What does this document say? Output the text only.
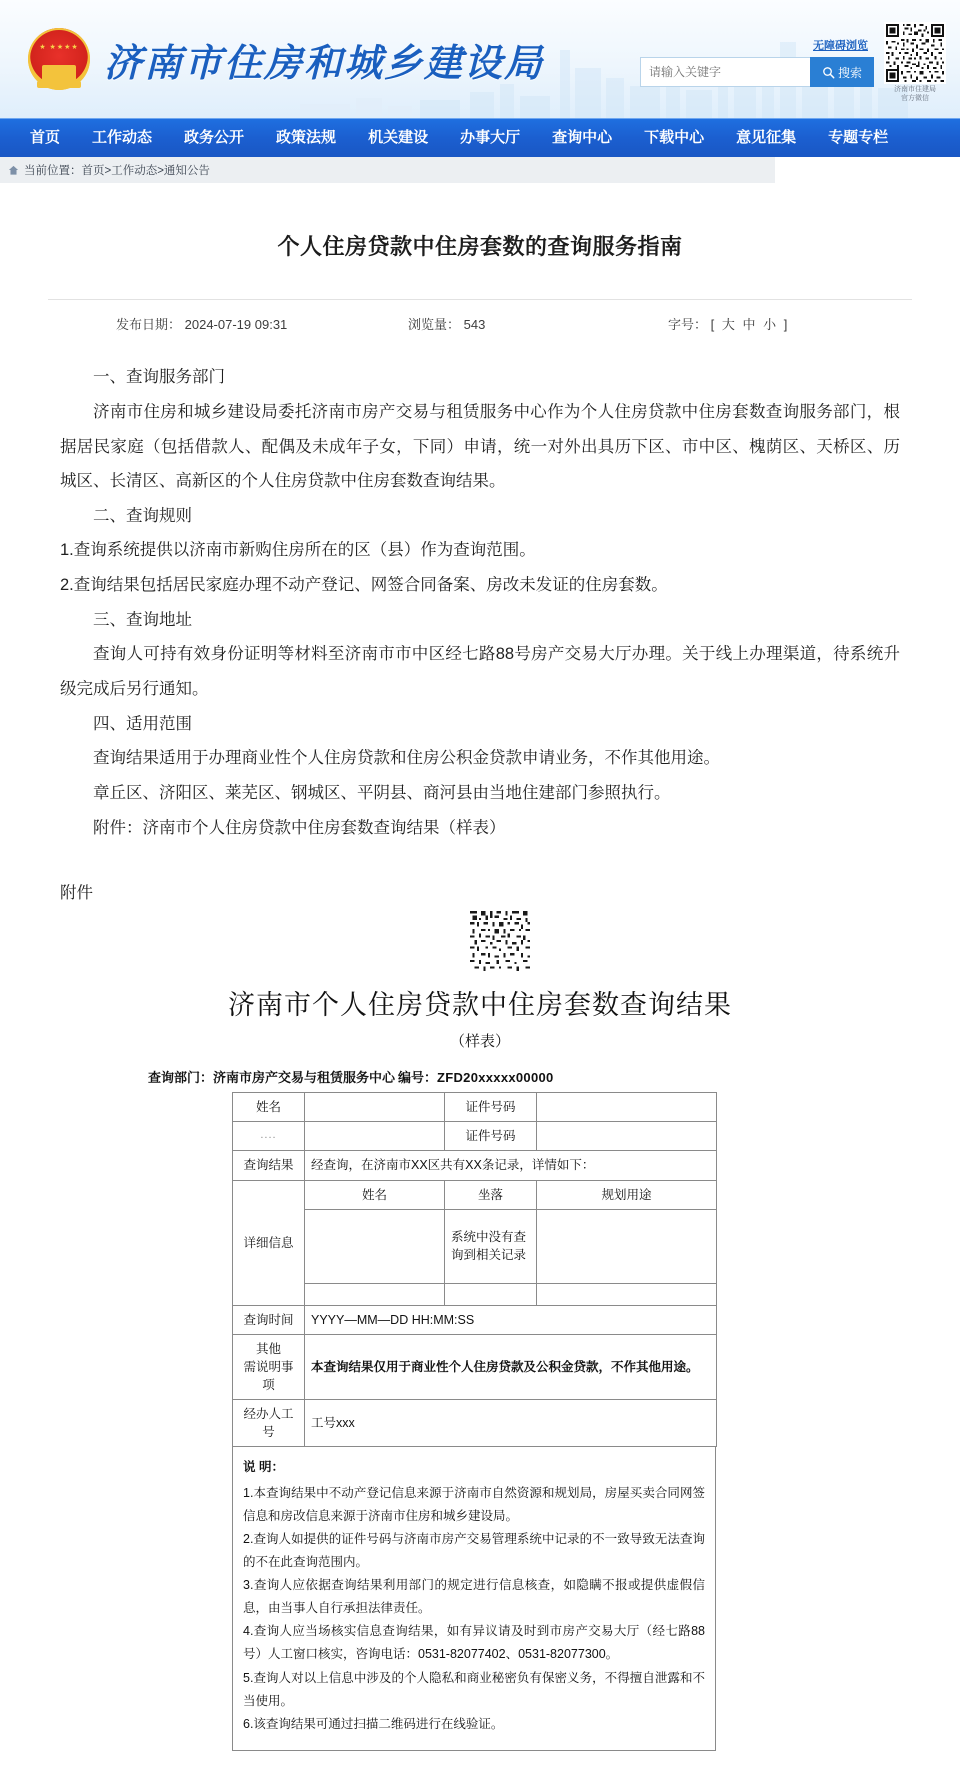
★ ★★★★ 济南市住房和城乡建设局	无障碍浏览
请输入关键字
搜索
济南市住建局
官方微信
首页	工作动态	政务公开	政策法规	机关建设	办事大厅	查询中心	下载中心	意见征集	专题专栏
当前位置： 首页>工作动态>通知公告
个人住房贷款中住房套数的查询服务指南
发布日期： 2024-07-19 09:31	浏览量： 543	字号： [ 大 中 小 ]

一、查询服务部门

济南市住房和城乡建设局委托济南市房产交易与租赁服务中心作为个人住房贷款中住房套数查询服务部门，根据居民家庭（包括借款人、配偶及未成年子女，下同）申请，统一对外出具历下区、市中区、槐荫区、天桥区、历城区、长清区、高新区的个人住房贷款中住房套数查询结果。

二、查询规则

1.查询系统提供以济南市新购住房所在的区（县）作为查询范围。

2.查询结果包括居民家庭办理不动产登记、网签合同备案、房改未发证的住房套数。

三、查询地址

查询人可持有效身份证明等材料至济南市市中区经七路88号房产交易大厅办理。关于线上办理渠道，待系统升级完成后另行通知。

四、适用范围

查询结果适用于办理商业性个人住房贷款和住房公积金贷款申请业务，不作其他用途。

章丘区、济阳区、莱芜区、钢城区、平阴县、商河县由当地住建部门参照执行。

附件：济南市个人住房贷款中住房套数查询结果（样表）

附件
济南市个人住房贷款中住房套数查询结果
（样表）
查询部门：济南市房产交易与租赁服务中心 编号：ZFD20xxxxx00000
姓名		证件号码	
....		证件号码	
查询结果	经查询，在济南市XX区共有XX条记录，详情如下：		
详细信息	姓名	坐落	规划用途
		系统中没有查询到相关记录	

查询时间	YYYY—MM—DD HH:MM:SS		

其他
需说明事项	本查询结果仅用于商业性个人住房贷款及公积金贷款，不作其他用途。		
经办人工号	工号xxx		
说 明：

1.本查询结果中不动产登记信息来源于济南市自然资源和规划局，房屋买卖合同网签信息和房改信息来源于济南市住房和城乡建设局。

2.查询人如提供的证件号码与济南市房产交易管理系统中记录的不一致导致无法查询的不在此查询范围内。

3.查询人应依据查询结果利用部门的规定进行信息核查，如隐瞒不报或提供虚假信息，由当事人自行承担法律责任。

4.查询人应当场核实信息查询结果，如有异议请及时到市房产交易大厅（经七路88号）人工窗口核实，咨询电话：0531-82077402、0531-82077300。

5.查询人对以上信息中涉及的个人隐私和商业秘密负有保密义务，不得擅自泄露和不当使用。

6.该查询结果可通过扫描二维码进行在线验证。
